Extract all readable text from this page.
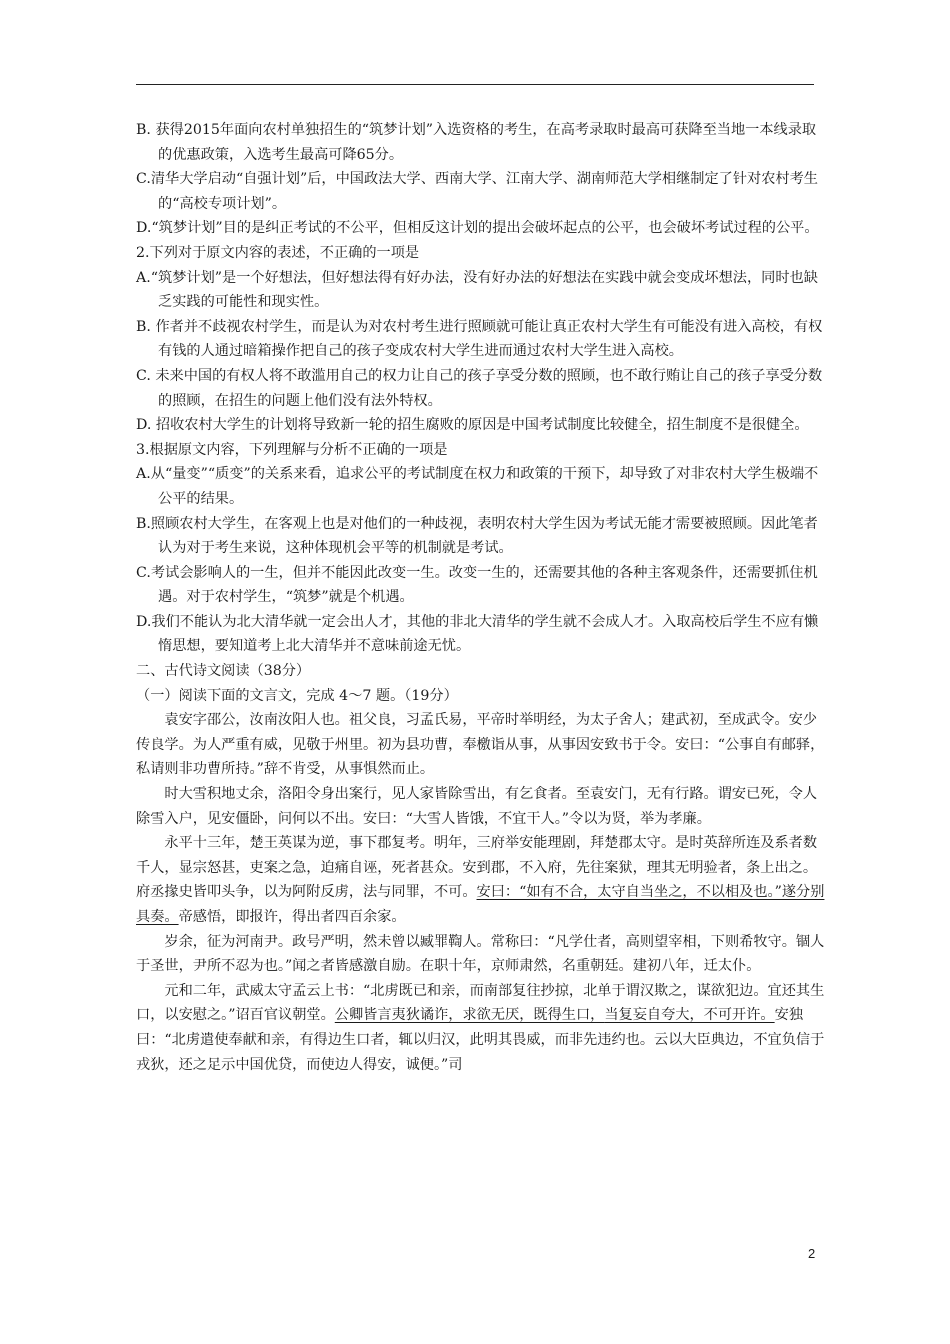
B. 获得2015年面向农村单独招生的“筑梦计划”入选资格的考生，在高考录取时最高可获降至当地一本线录取的优惠政策，入选考生最高可降65分。

C.清华大学启动“自强计划”后，中国政法大学、西南大学、江南大学、湖南师范大学相继制定了针对农村考生的“高校专项计划”。

D.“筑梦计划”目的是纠正考试的不公平，但相反这计划的提出会破坏起点的公平，也会破坏考试过程的公平。

2.下列对于原文内容的表述，不正确的一项是

A.“筑梦计划”是一个好想法，但好想法得有好办法，没有好办法的好想法在实践中就会变成坏想法，同时也缺乏实践的可能性和现实性。

B. 作者并不歧视农村学生，而是认为对农村考生进行照顾就可能让真正农村大学生有可能没有进入高校，有权有钱的人通过暗箱操作把自己的孩子变成农村大学生进而通过农村大学生进入高校。

C. 未来中国的有权人将不敢滥用自己的权力让自己的孩子享受分数的照顾，也不敢行贿让自己的孩子享受分数的照顾，在招生的问题上他们没有法外特权。

D. 招收农村大学生的计划将导致新一轮的招生腐败的原因是中国考试制度比较健全，招生制度不是很健全。

3.根据原文内容，下列理解与分析不正确的一项是

A.从“量变”“质变”的关系来看，追求公平的考试制度在权力和政策的干预下，却导致了对非农村大学生极端不公平的结果。

B.照顾农村大学生，在客观上也是对他们的一种歧视，表明农村大学生因为考试无能才需要被照顾。因此笔者认为对于考生来说，这种体现机会平等的机制就是考试。

C.考试会影响人的一生，但并不能因此改变一生。改变一生的，还需要其他的各种主客观条件，还需要抓住机遇。对于农村学生，“筑梦”就是个机遇。

D.我们不能认为北大清华就一定会出人才，其他的非北大清华的学生就不会成人才。入取高校后学生不应有懒惰思想，要知道考上北大清华并不意味前途无忧。

二、古代诗文阅读（38分）

（一）阅读下面的文言文，完成 4～7 题。（19分）

袁安字邵公，汝南汝阳人也。祖父良，习孟氏易，平帝时举明经，为太子舍人；建武初，至成武令。安少传良学。为人严重有威，见敬于州里。初为县功曹，奉檄诣从事，从事因安致书于令。安曰：“公事自有邮驿，私请则非功曹所持。”辞不肯受，从事惧然而止。

时大雪积地丈余，洛阳令身出案行，见人家皆除雪出，有乞食者。至袁安门，无有行路。谓安已死，令人除雪入户，见安僵卧，问何以不出。安曰：“大雪人皆饿，不宜干人。”令以为贤，举为孝廉。

永平十三年，楚王英谋为逆，事下郡复考。明年，三府举安能理剧，拜楚郡太守。是时英辞所连及系者数千人，显宗怒甚，吏案之急，迫痛自诬，死者甚众。安到郡，不入府，先往案狱，理其无明验者，条上出之。府丞掾史皆叩头争，以为阿附反虏，法与同罪，不可。安曰：“如有不合，太守自当坐之，不以相及也。”遂分别具奏。帝感悟，即报许，得出者四百余家。

岁余，征为河南尹。政号严明，然未曾以臧罪鞫人。常称曰：“凡学仕者，高则望宰相，下则希牧守。锢人于圣世，尹所不忍为也。”闻之者皆感激自励。在职十年，京师肃然，名重朝廷。建初八年，迁太仆。

元和二年，武威太守孟云上书：“北虏既已和亲，而南部复往抄掠，北单于谓汉欺之，谋欲犯边。宜还其生口，以安慰之。”诏百官议朝堂。公卿皆言夷狄谲诈，求欲无厌，既得生口，当复妄自夸大，不可开许。安独曰：“北虏遣使奉献和亲，有得边生口者，辄以归汉，此明其畏威，而非先违约也。云以大臣典边，不宜负信于戎狄，还之足示中国优贷，而使边人得安，诚便。”司

2
